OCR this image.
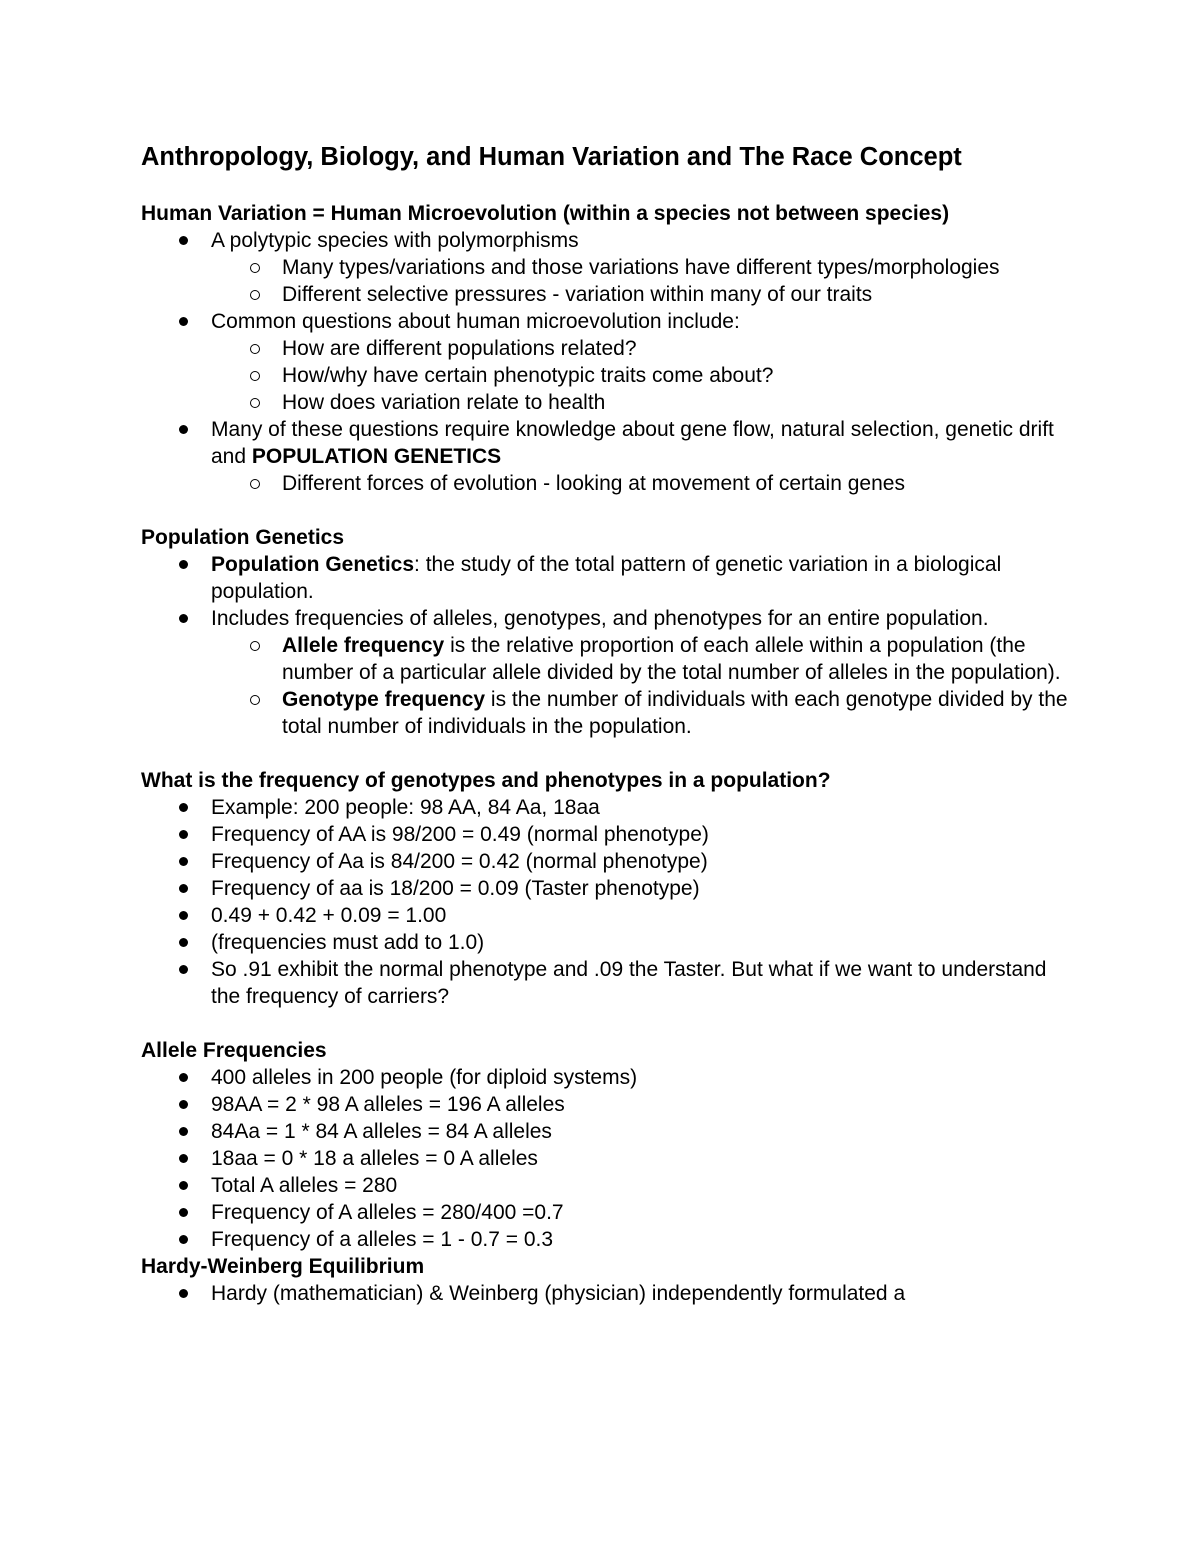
Anthropology, Biology, and Human Variation and The Race Concept
Human Variation = Human Microevolution (within a species not between species)
A polytypic species with polymorphisms
Many types/variations and those variations have different types/morphologies
Different selective pressures - variation within many of our traits
Common questions about human microevolution include:
How are different populations related?
How/why have certain phenotypic traits come about?
How does variation relate to health
Many of these questions require knowledge about gene flow, natural selection, genetic drift and POPULATION GENETICS
Different forces of evolution - looking at movement of certain genes
Population Genetics
Population Genetics: the study of the total pattern of genetic variation in a biological population.
Includes frequencies of alleles, genotypes, and phenotypes for an entire population.
Allele frequency is the relative proportion of each allele within a population (the number of a particular allele divided by the total number of alleles in the population).
Genotype frequency is the number of individuals with each genotype divided by the total number of individuals in the population.
What is the frequency of genotypes and phenotypes in a population?
Example: 200 people: 98 AA, 84 Aa, 18aa
Frequency of AA is 98/200 = 0.49 (normal phenotype)
Frequency of Aa is 84/200 = 0.42 (normal phenotype)
Frequency of aa is 18/200 = 0.09 (Taster phenotype)
0.49 + 0.42 + 0.09 = 1.00
(frequencies must add to 1.0)
So .91 exhibit the normal phenotype and .09 the Taster. But what if we want to understand the frequency of carriers?
Allele Frequencies
400 alleles in 200 people (for diploid systems)
98AA = 2 * 98 A alleles = 196 A alleles
84Aa = 1 * 84 A alleles = 84 A alleles
18aa = 0 * 18 a alleles = 0 A alleles
Total A alleles = 280
Frequency of A alleles = 280/400 =0.7
Frequency of a alleles = 1 - 0.7 = 0.3
Hardy-Weinberg Equilibrium
Hardy (mathematician) & Weinberg (physician) independently formulated a
